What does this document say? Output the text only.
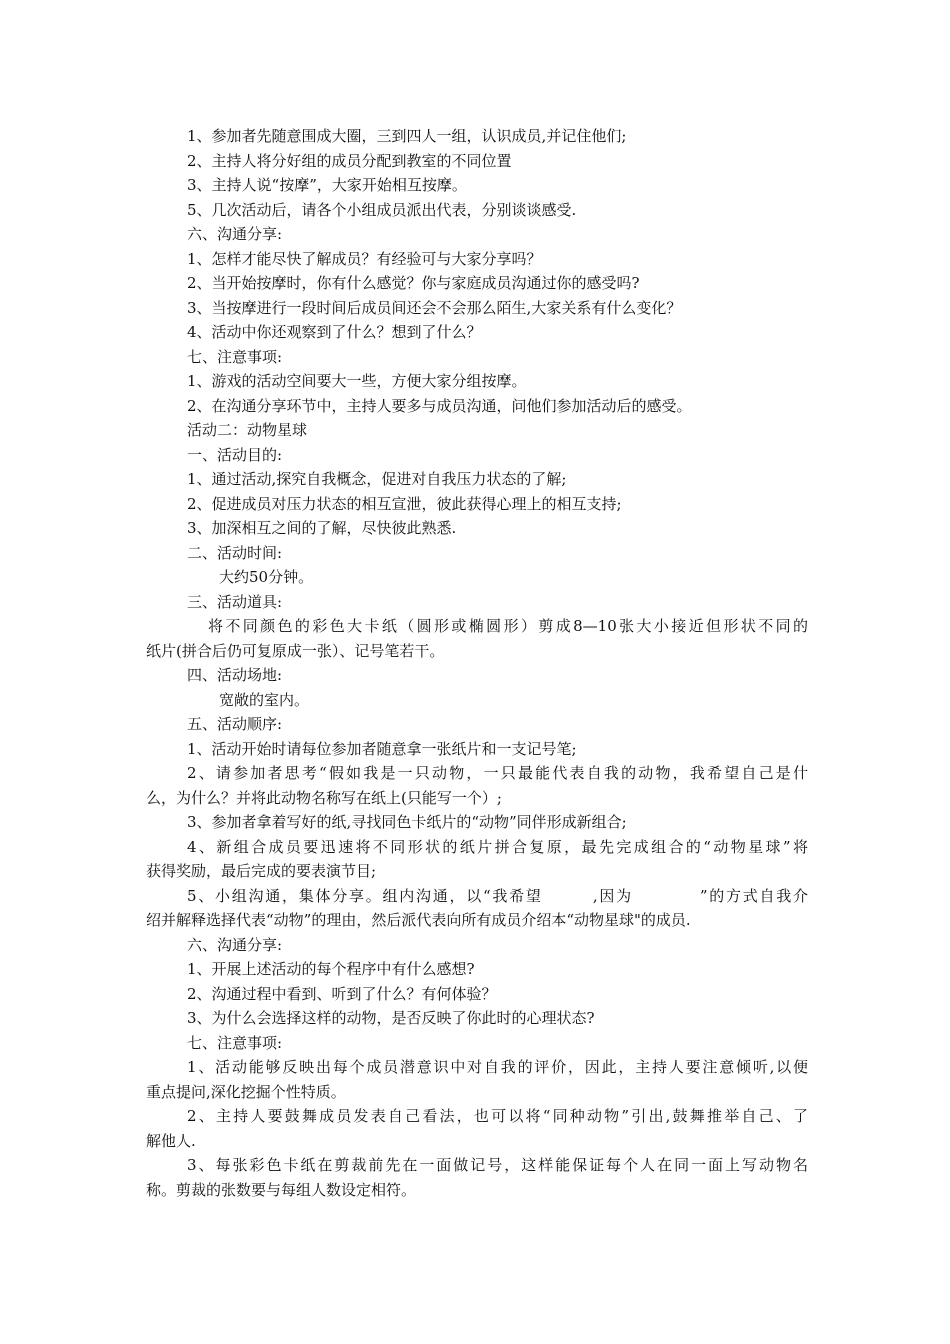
1、参加者先随意围成大圈，三到四人一组，认识成员,并记住他们;
2、主持人将分好组的成员分配到教室的不同位置
3、主持人说“按摩”，大家开始相互按摩。
5、几次活动后，请各个小组成员派出代表，分别谈谈感受.
六、沟通分享:
1、怎样才能尽快了解成员？有经验可与大家分享吗？
2、当开始按摩时，你有什么感觉？你与家庭成员沟通过你的感受吗?
3、当按摩进行一段时间后成员间还会不会那么陌生,大家关系有什么变化？
4、活动中你还观察到了什么？想到了什么？
七、注意事项:
1、游戏的活动空间要大一些，方便大家分组按摩。
2、在沟通分享环节中，主持人要多与成员沟通，问他们参加活动后的感受。
活动二：动物星球
一、活动目的:
1、通过活动,探究自我概念，促进对自我压力状态的了解;
2、促进成员对压力状态的相互宣泄，彼此获得心理上的相互支持;
3、加深相互之间的了解，尽快彼此熟悉.
二、活动时间:
大约50分钟。
三、活动道具:
将不同颜色的彩色大卡纸（圆形或椭圆形）剪成8—10张大小接近但形状不同的
纸片(拼合后仍可复原成一张）、记号笔若干。
四、活动场地:
宽敞的室内。
五、活动顺序:
1、活动开始时请每位参加者随意拿一张纸片和一支记号笔;
2、请参加者思考“假如我是一只动物，一只最能代表自我的动物，我希望自己是什
么，为什么？并将此动物名称写在纸上(只能写一个）;
3、参加者拿着写好的纸,寻找同色卡纸片的“动物”同伴形成新组合;
4、新组合成员要迅速将不同形状的纸片拼合复原，最先完成组合的“动物星球”将
获得奖励，最后完成的要表演节目;
5、小组沟通，集体分享。组内沟通，以“我希望　　　,因为　　　　”的方式自我介
绍并解释选择代表“动物”的理由，然后派代表向所有成员介绍本“动物星球"的成员.
六、沟通分享:
1、开展上述活动的每个程序中有什么感想?
2、沟通过程中看到、听到了什么？有何体验？
3、为什么会选择这样的动物，是否反映了你此时的心理状态?
七、注意事项:
1、活动能够反映出每个成员潜意识中对自我的评价，因此，主持人要注意倾听,以便
重点提问,深化挖掘个性特质。
2、主持人要鼓舞成员发表自己看法，也可以将“同种动物”引出,鼓舞推举自己、了
解他人.
3、每张彩色卡纸在剪裁前先在一面做记号，这样能保证每个人在同一面上写动物名
称。剪裁的张数要与每组人数设定相符。
